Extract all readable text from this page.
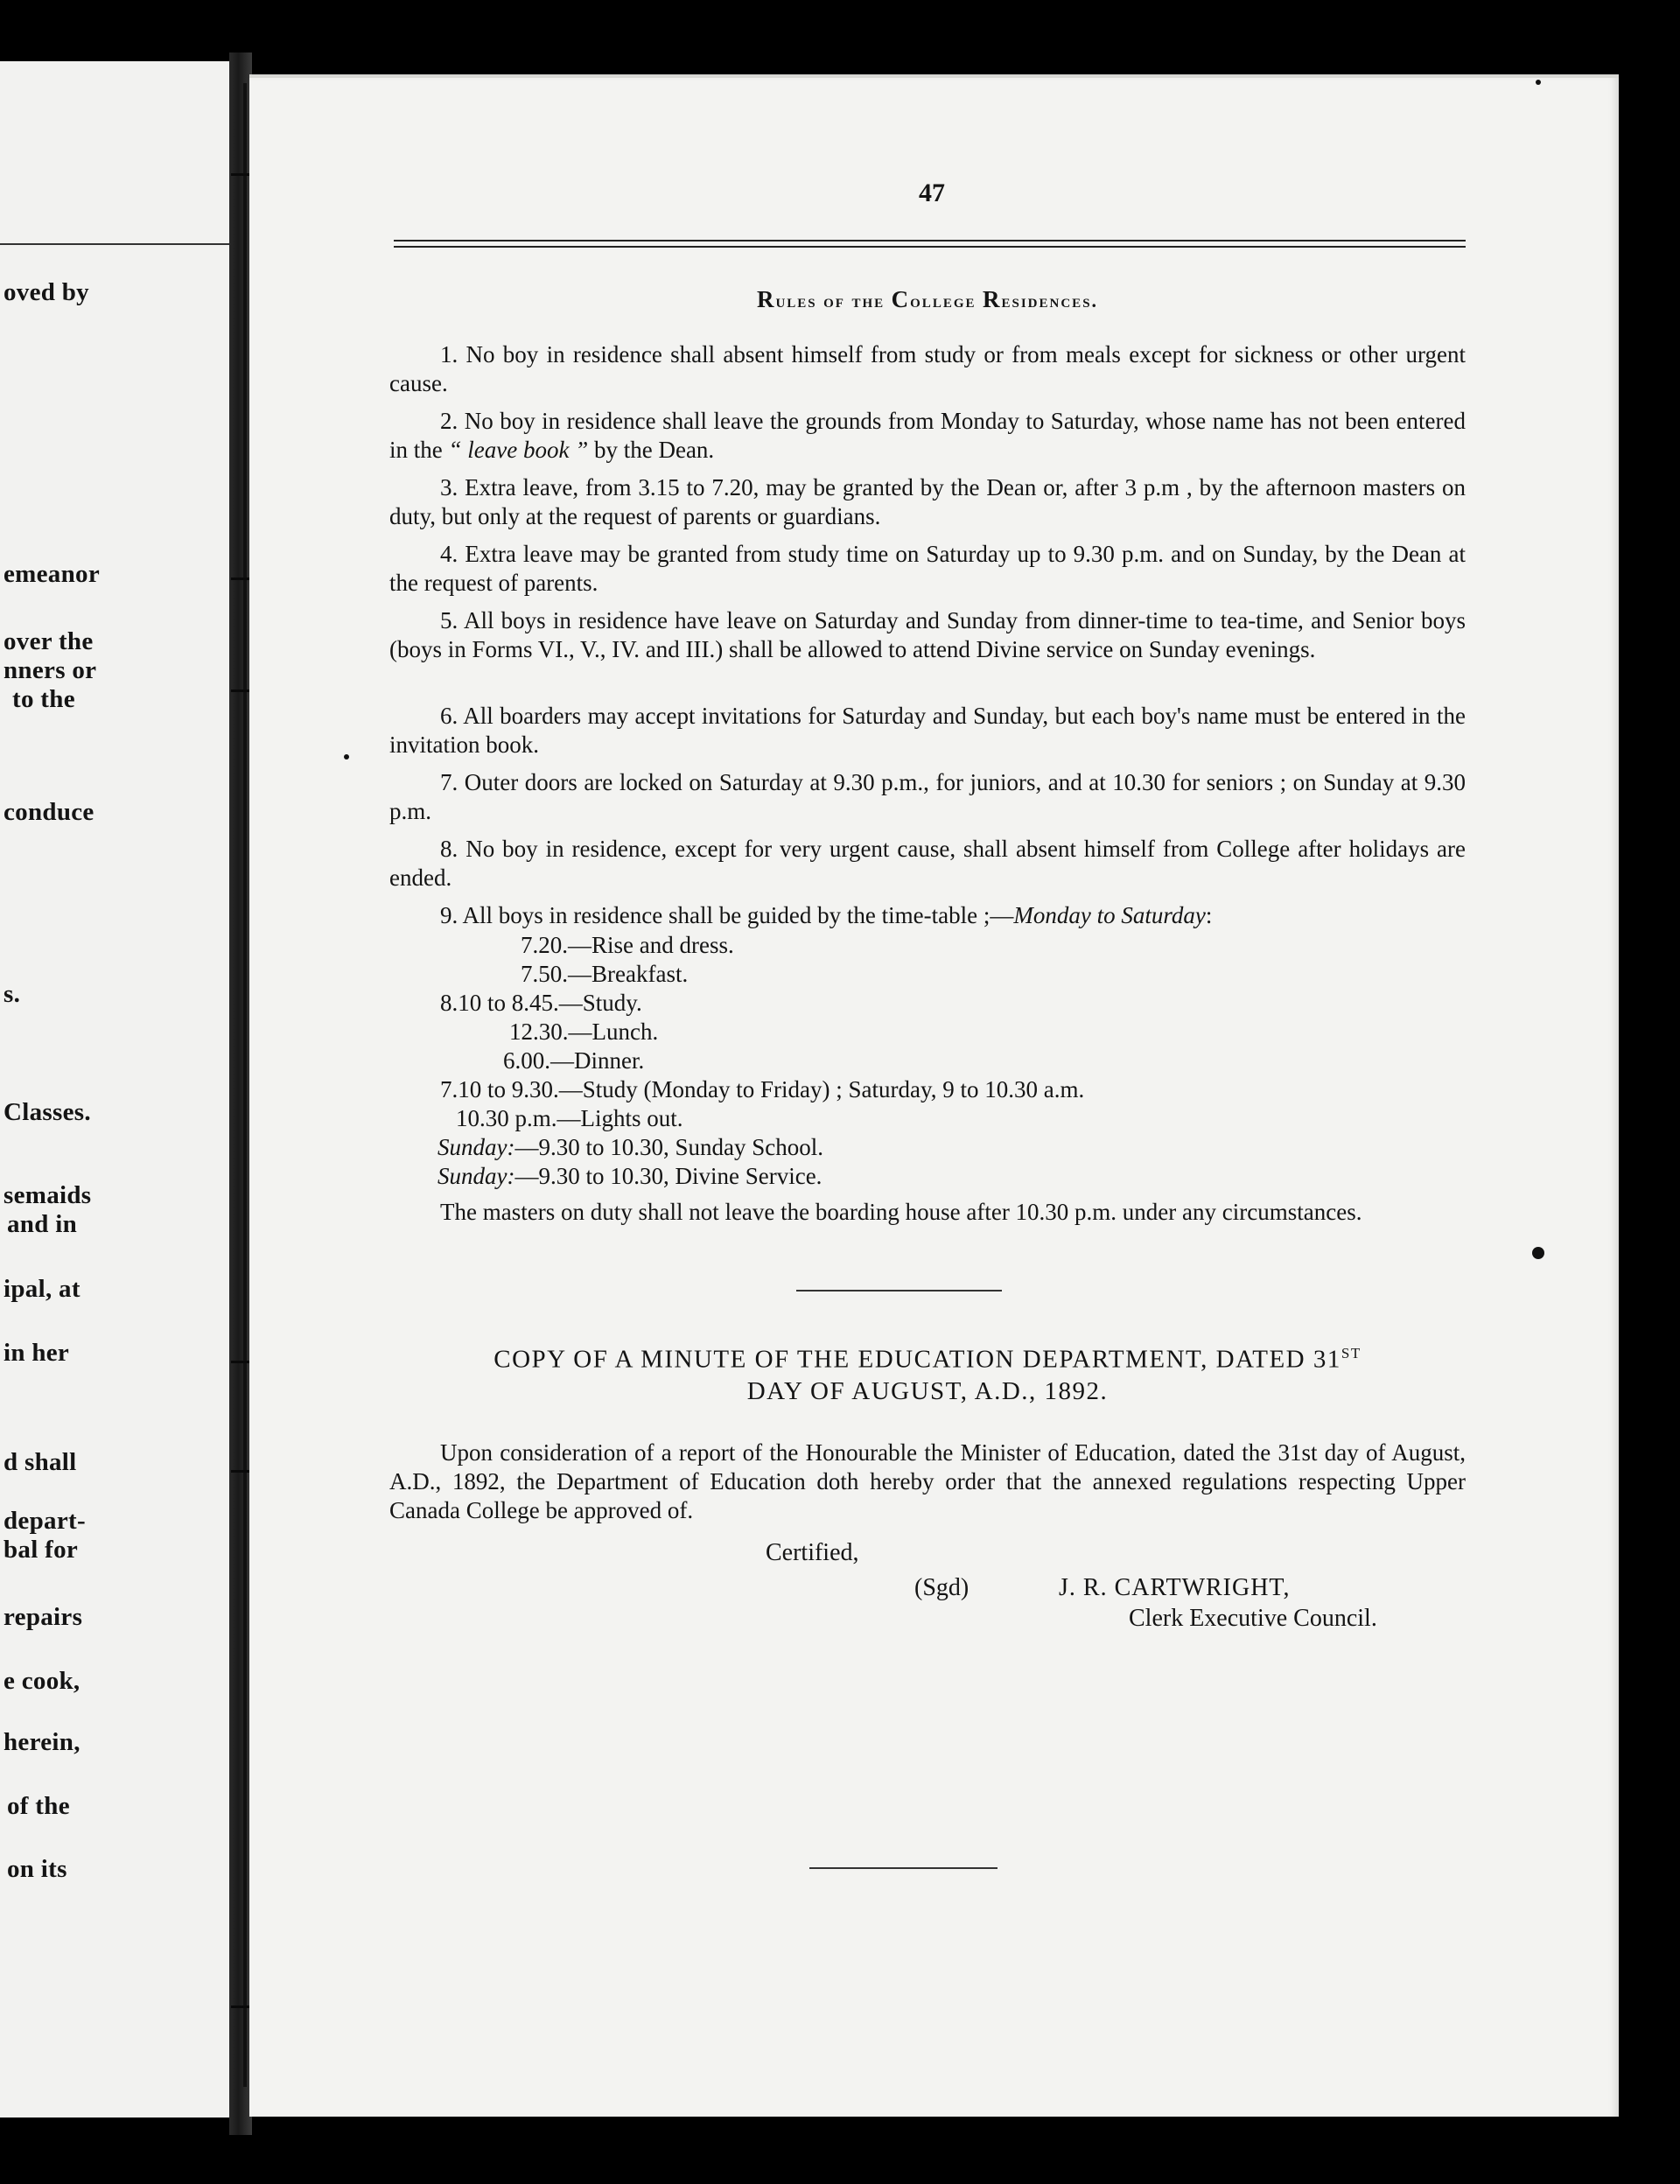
oved by
emeanor
over the
nners or
to the
conduce
s.
Classes.
semaids
and in
ipal, at
in her
d shall
depart-
bal for
repairs
e cook,
herein,
of the
on its
47
Rules of the College Residences.
1. No boy in residence shall absent himself from study or from meals except for sickness or other urgent cause.
2. No boy in residence shall leave the grounds from Monday to Saturday, whose name has not been entered in the “ leave book ” by the Dean.
3. Extra leave, from 3.15 to 7.20, may be granted by the Dean or, after 3 p.m , by the afternoon masters on duty, but only at the request of parents or guardians.
4. Extra leave may be granted from study time on Saturday up to 9.30 p.m. and on Sunday, by the Dean at the request of parents.
5. All boys in residence have leave on Saturday and Sunday from dinner-time to tea-time, and Senior boys (boys in Forms VI., V., IV. and III.) shall be allowed to attend Divine service on Sunday evenings.
6. All boarders may accept invitations for Saturday and Sunday, but each boy's name must be entered in the invitation book.
7. Outer doors are locked on Saturday at 9.30 p.m., for juniors, and at 10.30 for seniors ; on Sunday at 9.30 p.m.
8. No boy in residence, except for very urgent cause, shall absent himself from College after holidays are ended.
9. All boys in residence shall be guided by the time-table ;—Monday to Saturday:
7.20.—Rise and dress.
7.50.—Breakfast.
8.10 to 8.45.—Study.
12.30.—Lunch.
6.00.—Dinner.
7.10 to 9.30.—Study (Monday to Friday) ; Saturday, 9 to 10.30 a.m.
10.30 p.m.—Lights out.
Sunday:—9.30 to 10.30, Sunday School.
Sunday:—9.30 to 10.30, Divine Service.
The masters on duty shall not leave the boarding house after 10.30 p.m. under any circumstances.
COPY OF A MINUTE OF THE EDUCATION DEPARTMENT, DATED 31ST
DAY OF AUGUST, A.D., 1892.
Upon consideration of a report of the Honourable the Minister of Education, dated the 31st day of August, A.D., 1892, the Department of Education doth hereby order that the annexed regulations respecting Upper Canada College be approved of.
Certified,
(Sgd)	J. R. CARTWRIGHT,
Clerk Executive Council.
